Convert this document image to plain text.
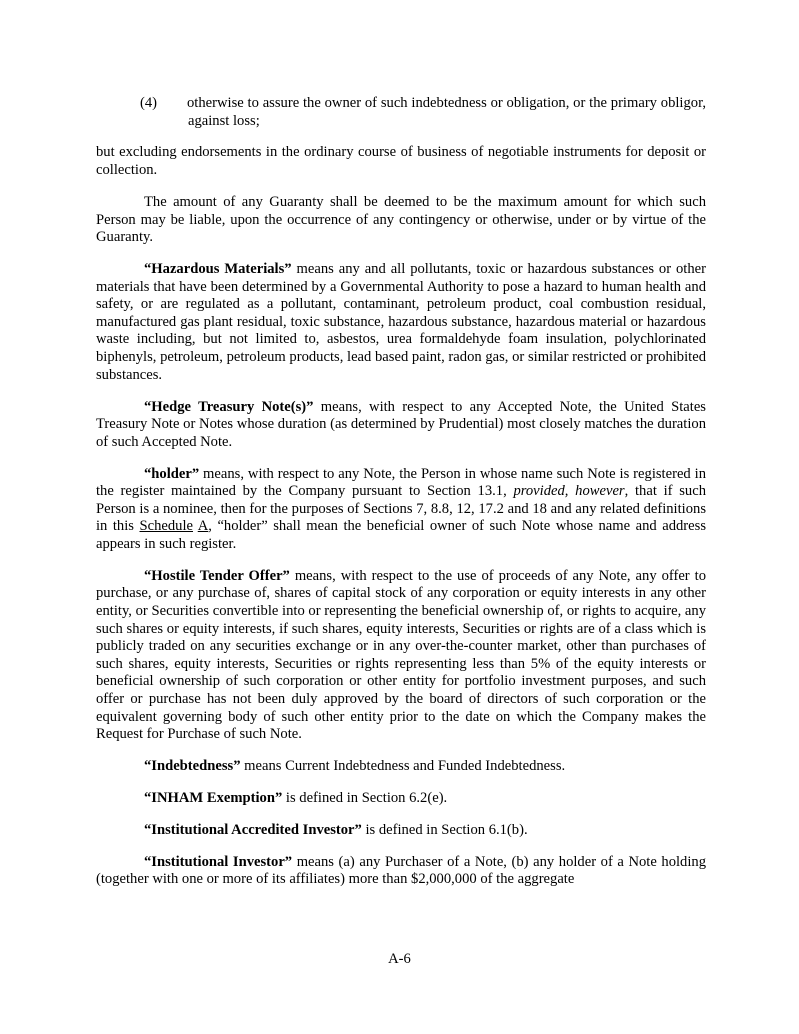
(4) otherwise to assure the owner of such indebtedness or obligation, or the primary obligor, against loss;

but excluding endorsements in the ordinary course of business of negotiable instruments for deposit or collection.

The amount of any Guaranty shall be deemed to be the maximum amount for which such Person may be liable, upon the occurrence of any contingency or otherwise, under or by virtue of the Guaranty.

“Hazardous Materials” means any and all pollutants, toxic or hazardous substances or other materials that have been determined by a Governmental Authority to pose a hazard to human health and safety, or are regulated as a pollutant, contaminant, petroleum product, coal combustion residual, manufactured gas plant residual, toxic substance, hazardous substance, hazardous material or hazardous waste including, but not limited to, asbestos, urea formaldehyde foam insulation, polychlorinated biphenyls, petroleum, petroleum products, lead based paint, radon gas, or similar restricted or prohibited substances.

“Hedge Treasury Note(s)” means, with respect to any Accepted Note, the United States Treasury Note or Notes whose duration (as determined by Prudential) most closely matches the duration of such Accepted Note.

“holder” means, with respect to any Note, the Person in whose name such Note is registered in the register maintained by the Company pursuant to Section 13.1, provided, however, that if such Person is a nominee, then for the purposes of Sections 7, 8.8, 12, 17.2 and 18 and any related definitions in this Schedule A, “holder” shall mean the beneficial owner of such Note whose name and address appears in such register.

“Hostile Tender Offer” means, with respect to the use of proceeds of any Note, any offer to purchase, or any purchase of, shares of capital stock of any corporation or equity interests in any other entity, or Securities convertible into or representing the beneficial ownership of, or rights to acquire, any such shares or equity interests, if such shares, equity interests, Securities or rights are of a class which is publicly traded on any securities exchange or in any over-the-counter market, other than purchases of such shares, equity interests, Securities or rights representing less than 5% of the equity interests or beneficial ownership of such corporation or other entity for portfolio investment purposes, and such offer or purchase has not been duly approved by the board of directors of such corporation or the equivalent governing body of such other entity prior to the date on which the Company makes the Request for Purchase of such Note.

“Indebtedness” means Current Indebtedness and Funded Indebtedness.

“INHAM Exemption” is defined in Section 6.2(e).

“Institutional Accredited Investor” is defined in Section 6.1(b).

“Institutional Investor” means (a) any Purchaser of a Note, (b) any holder of a Note holding (together with one or more of its affiliates) more than $2,000,000 of the aggregate

A-6
